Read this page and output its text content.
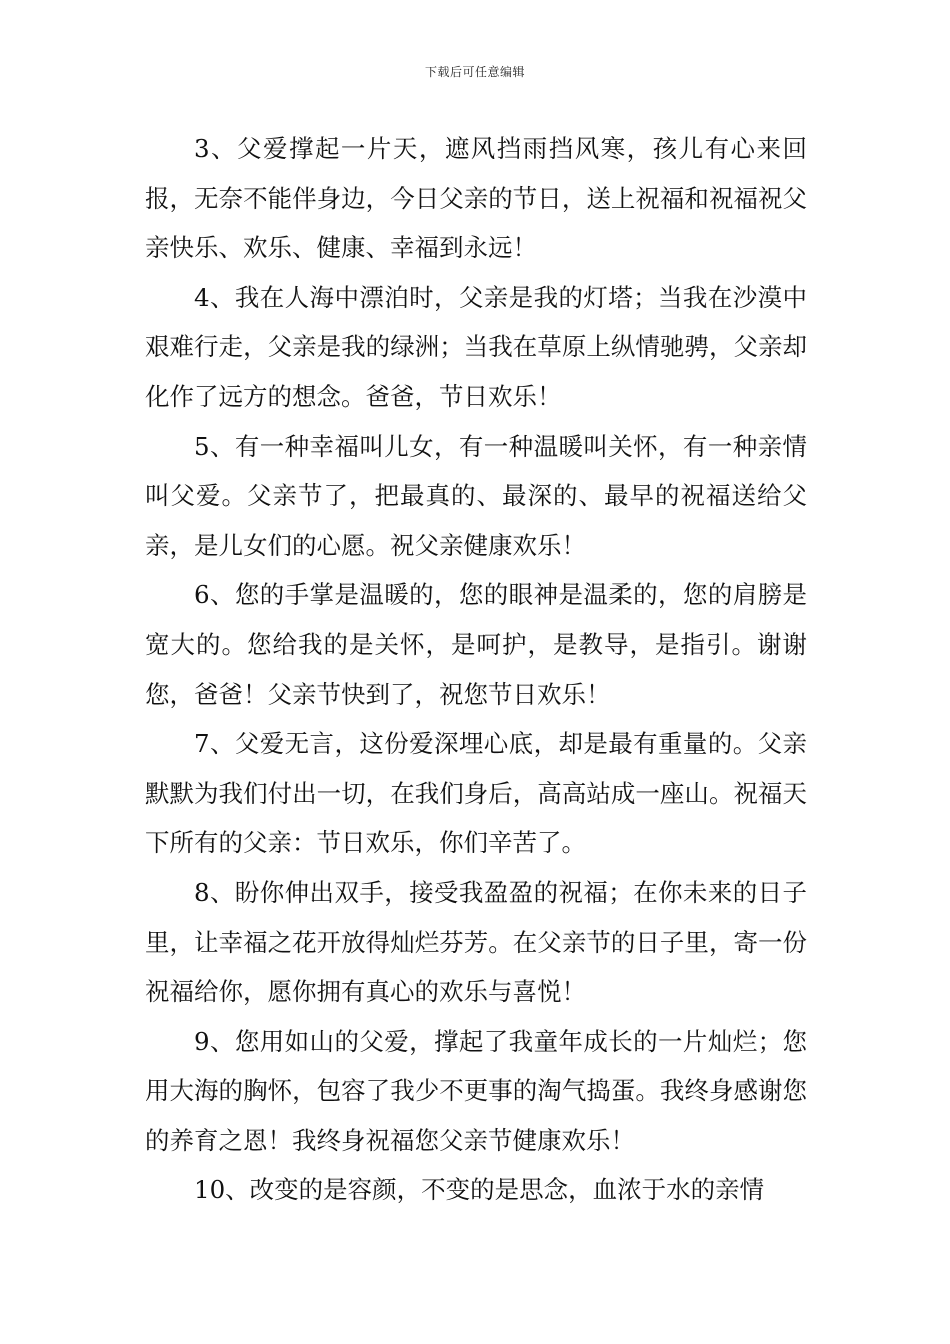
下载后可任意编辑

3、父爱撑起一片天，遮风挡雨挡风寒，孩儿有心来回报，无奈不能伴身边，今日父亲的节日，送上祝福和祝福祝父亲快乐、欢乐、健康、幸福到永远！

4、我在人海中漂泊时，父亲是我的灯塔；当我在沙漠中艰难行走，父亲是我的绿洲；当我在草原上纵情驰骋，父亲却化作了远方的想念。爸爸，节日欢乐！

5、有一种幸福叫儿女，有一种温暖叫关怀，有一种亲情叫父爱。父亲节了，把最真的、最深的、最早的祝福送给父亲，是儿女们的心愿。祝父亲健康欢乐！

6、您的手掌是温暖的，您的眼神是温柔的，您的肩膀是宽大的。您给我的是关怀，是呵护，是教导，是指引。谢谢您，爸爸！父亲节快到了，祝您节日欢乐！

7、父爱无言，这份爱深埋心底，却是最有重量的。父亲默默为我们付出一切，在我们身后，高高站成一座山。祝福天下所有的父亲：节日欢乐，你们辛苦了。

8、盼你伸出双手，接受我盈盈的祝福；在你未来的日子里，让幸福之花开放得灿烂芬芳。在父亲节的日子里，寄一份祝福给你，愿你拥有真心的欢乐与喜悦！

9、您用如山的父爱，撑起了我童年成长的一片灿烂；您用大海的胸怀，包容了我少不更事的淘气捣蛋。我终身感谢您的养育之恩！我终身祝福您父亲节健康欢乐！

10、改变的是容颜，不变的是思念，血浓于水的亲情
